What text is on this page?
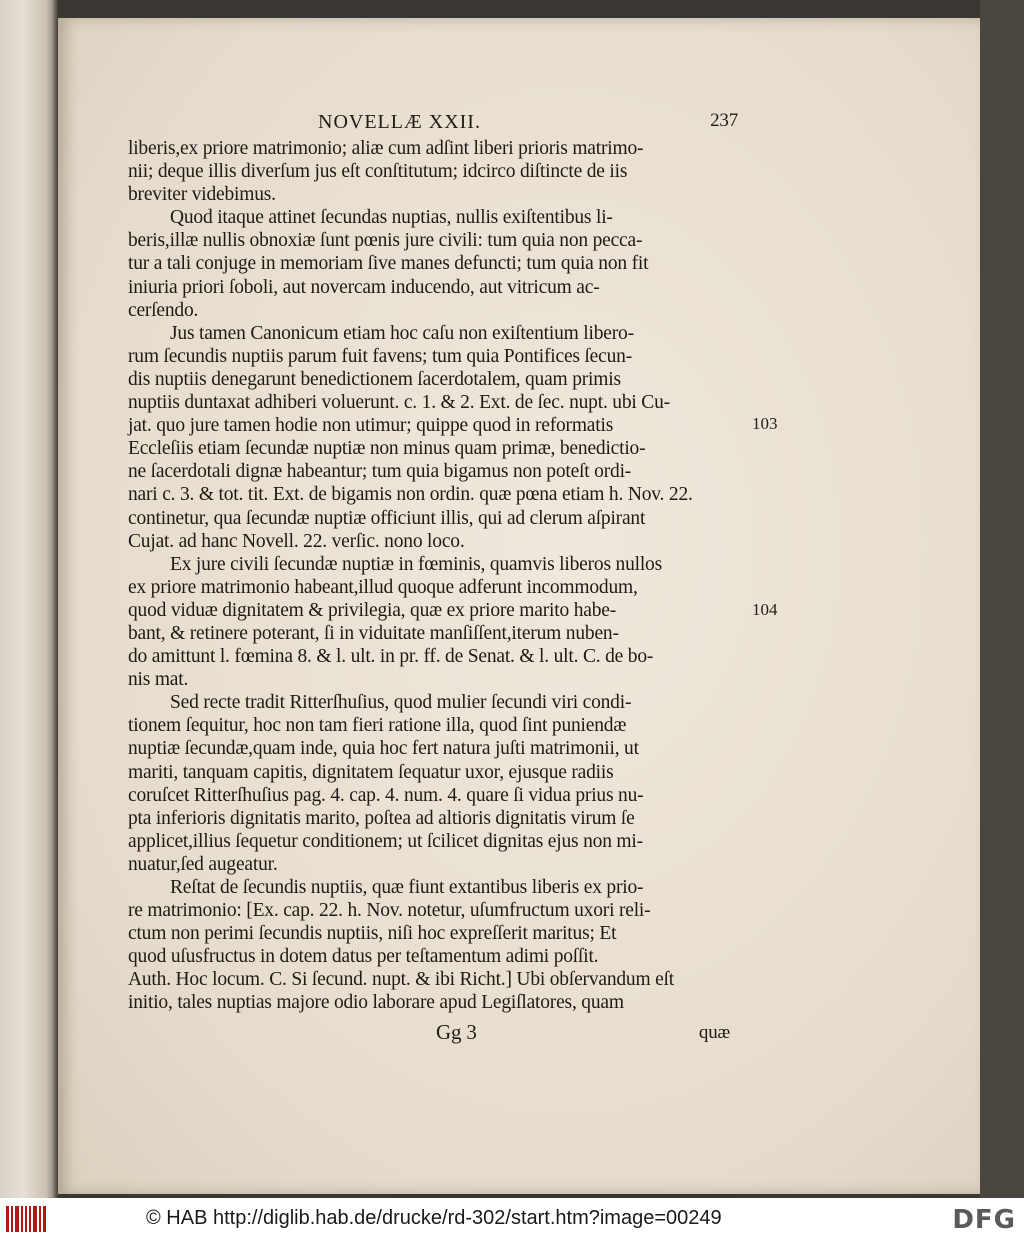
NOVELLÆ XXII.	237
liberis,ex priore matrimonio; aliæ cum adſint liberi prioris matrimo-
nii; deque illis diverſum jus eſt conſtitutum; idcirco diſtincte de iis
breviter videbimus.
Quod itaque attinet ſecundas nuptias, nullis exiſtentibus li-
beris,illæ nullis obnoxiæ ſunt pœnis jure civili: tum quia non pecca-
tur a tali conjuge in memoriam ſive manes defuncti; tum quia non fit
iniuria priori ſoboli, aut novercam inducendo, aut vitricum ac-
cerſendo.
Jus tamen Canonicum etiam hoc caſu non exiſtentium libero-
rum ſecundis nuptiis parum fuit favens; tum quia Pontifices ſecun-
dis nuptiis denegarunt benedictionem ſacerdotalem, quam primis
nuptiis duntaxat adhiberi voluerunt. c. 1. & 2. Ext. de ſec. nupt. ubi Cu-
jat. quo jure tamen hodie non utimur; quippe quod in reformatis
Eccleſiis etiam ſecundæ nuptiæ non minus quam primæ, benedictio-
ne ſacerdotali dignæ habeantur; tum quia bigamus non poteſt ordi-
nari c. 3. & tot. tit. Ext. de bigamis non ordin. quæ pœna etiam h. Nov. 22.
continetur, qua ſecundæ nuptiæ officiunt illis, qui ad clerum aſpirant
Cujat. ad hanc Novell. 22. verſic. nono loco.
Ex jure civili ſecundæ nuptiæ in fœminis, quamvis liberos nullos
ex priore matrimonio habeant,illud quoque adferunt incommodum,
quod viduæ dignitatem & privilegia, quæ ex priore marito habe-
bant, & retinere poterant, ſi in viduitate manſiſſent,iterum nuben-
do amittunt l. fœmina 8. & l. ult. in pr. ff. de Senat. & l. ult. C. de bo-
nis mat.
Sed recte tradit Ritterſhuſius, quod mulier ſecundi viri condi-
tionem ſequitur, hoc non tam fieri ratione illa, quod ſint puniendæ
nuptiæ ſecundæ,quam inde, quia hoc fert natura juſti matrimonii, ut
mariti, tanquam capitis, dignitatem ſequatur uxor, ejusque radiis
coruſcet Ritterſhuſius pag. 4. cap. 4. num. 4. quare ſi vidua prius nu-
pta inferioris dignitatis marito, poſtea ad altioris dignitatis virum ſe
applicet,illius ſequetur conditionem; ut ſcilicet dignitas ejus non mi-
nuatur,ſed augeatur.
Reſtat de ſecundis nuptiis, quæ fiunt extantibus liberis ex prio-
re matrimonio: [Ex. cap. 22. h. Nov. notetur, uſumfructum uxori reli-
ctum non perimi ſecundis nuptiis, niſi hoc expreſſerit maritus; Et
quod uſusfructus in dotem datus per teſtamentum adimi poſſit.
Auth. Hoc locum. C. Si ſecund. nupt. & ibi Richt.] Ubi obſervandum eſt
initio, tales nuptias majore odio laborare apud Legiſlatores, quam
Gg 3	quæ
103
104
© HAB http://diglib.hab.de/drucke/rd-302/start.htm?image=00249	DFG
